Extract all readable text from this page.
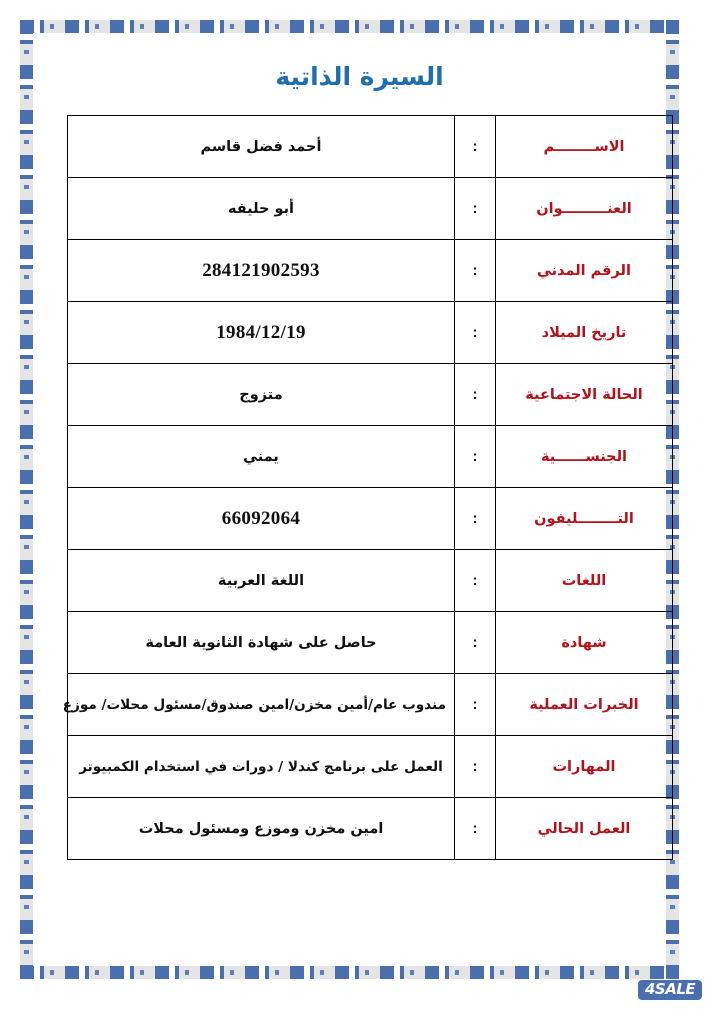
السيرة الذاتية
الاســــــــم	:	أحمد فضل قاسم
العنـــــــــوان	:	أبو حليفه
الرقم المدني	:	284121902593
تاريخ الميلاد	:	1984/12/19
الحالة الاجتماعية	:	متزوج
الجنســــــية	:	يمني
التــــــــليفون	:	66092064
اللغات	:	اللغة العربية
شهادة	:	حاصل على شهادة الثانوية العامة
الخبرات العملية	:	مندوب عام/أمين مخزن/امين صندوق/مسئول محلات/ موزع
المهارات	:	العمل على برنامج كندلا / دورات في استخدام الكمبيوتر
العمل الحالي	:	امين مخزن وموزع ومسئول محلات
4SALE
